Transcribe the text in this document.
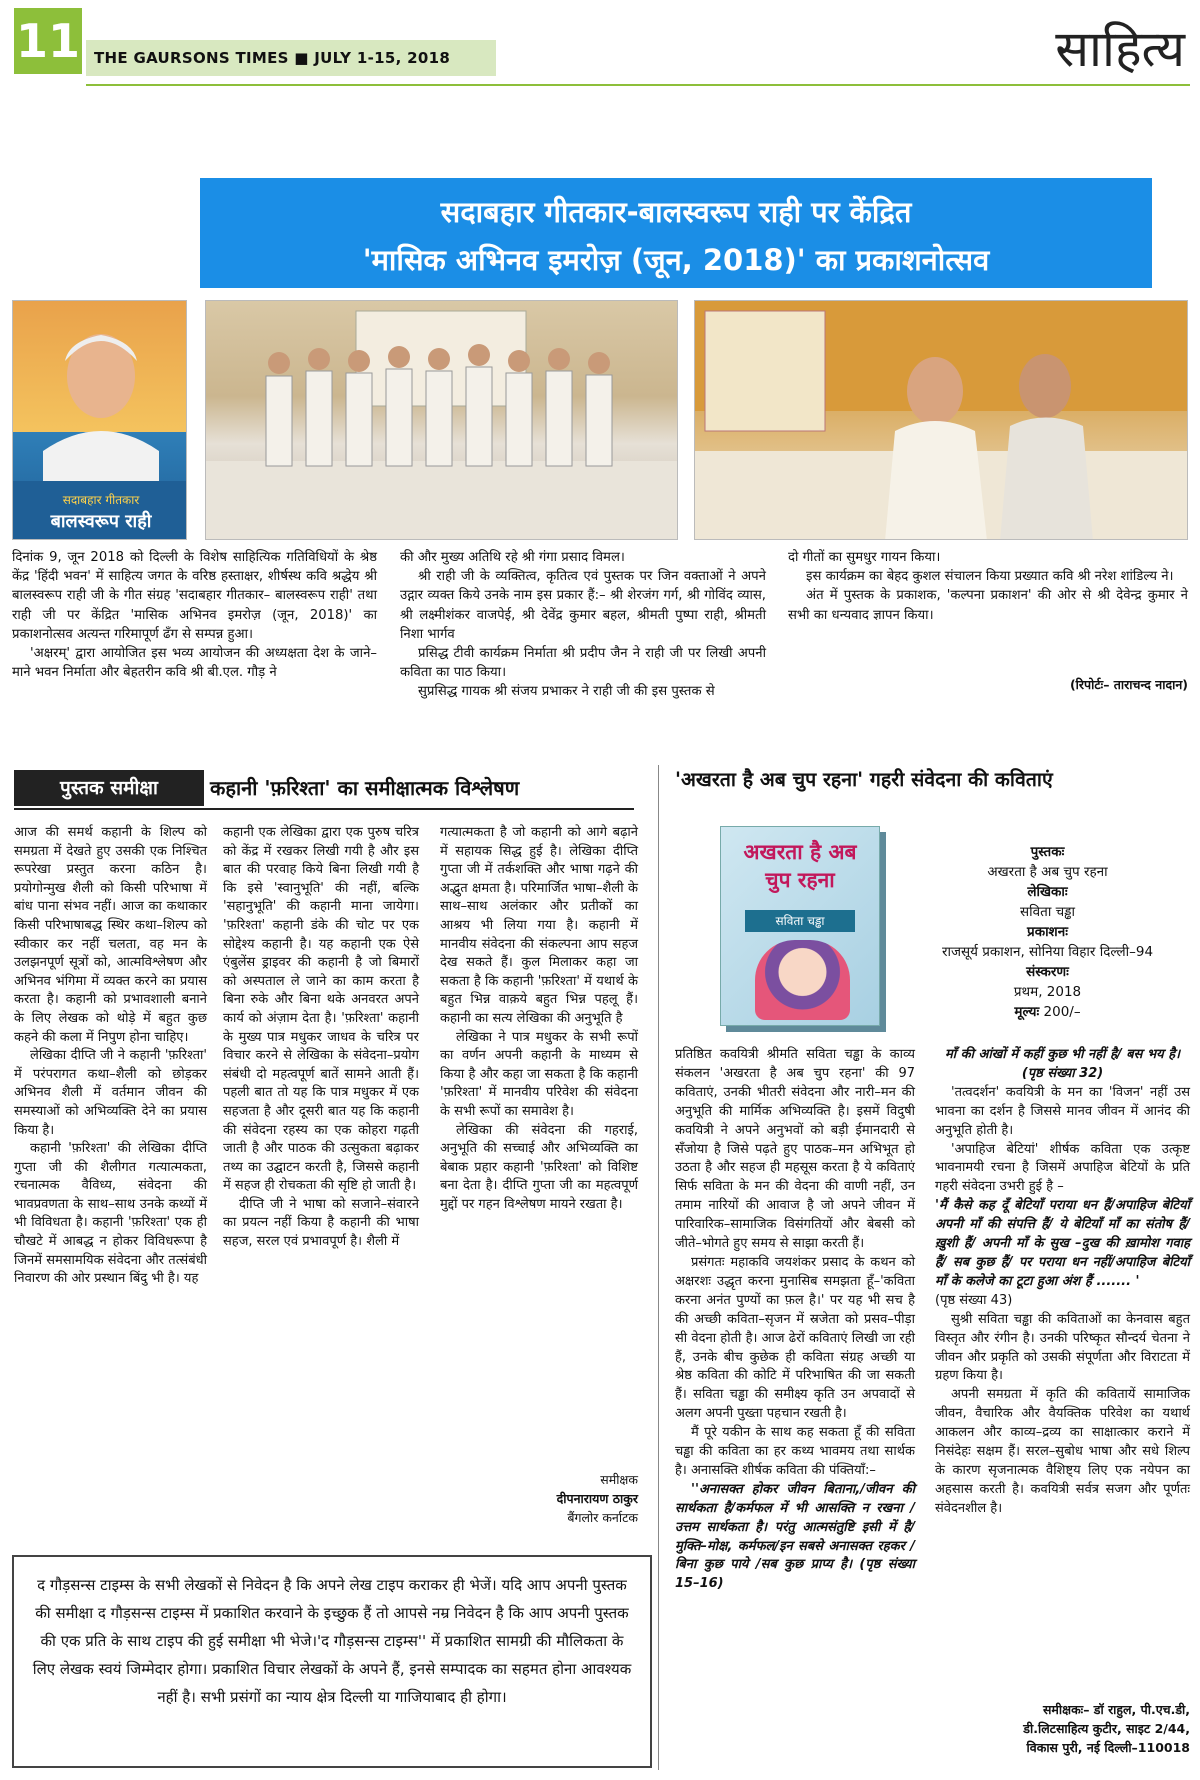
11 THE GAURSONS TIMES ■ JULY 1-15, 2018	साहित्य
सदाबहार गीतकार-बालस्वरूप राही पर केंद्रित
'मासिक अभिनव इमरोज़ (जून, 2018)' का प्रकाशनोत्सव
सदाबहार गीतकार
बालस्वरूप राही

दिनांक 9, जून 2018 को दिल्ली के विशेष साहित्यिक गतिविधियों के श्रेष्ठ केंद्र 'हिंदी भवन' में साहित्य जगत के वरिष्ठ हस्ताक्षर, शीर्षस्थ कवि श्रद्धेय श्री बालस्वरूप राही जी के गीत संग्रह 'सदाबहार गीतकार– बालस्वरूप राही' तथा राही जी पर केंद्रित 'मासिक अभिनव इमरोज़ (जून, 2018)' का प्रकाशनोत्सव अत्यन्त गरिमापूर्ण ढँग से सम्पन्न हुआ।

'अक्षरम्' द्वारा आयोजित इस भव्य आयोजन की अध्यक्षता देश के जाने–माने भवन निर्माता और बेहतरीन कवि श्री बी.एल. गौड़ ने

की और मुख्य अतिथि रहे श्री गंगा प्रसाद विमल।

श्री राही जी के व्यक्तित्व, कृतित्व एवं पुस्तक पर जिन वक्ताओं ने अपने उद्गार व्यक्त किये उनके नाम इस प्रकार हैं:– श्री शेरजंग गर्ग, श्री गोविंद व्यास, श्री लक्ष्मीशंकर वाजपेई, श्री देवेंद्र कुमार बहल, श्रीमती पुष्पा राही, श्रीमती निशा भार्गव

प्रसिद्ध टीवी कार्यक्रम निर्माता श्री प्रदीप जैन ने राही जी पर लिखी अपनी कविता का पाठ किया।

सुप्रसिद्ध गायक श्री संजय प्रभाकर ने राही जी की इस पुस्तक से

दो गीतों का सुमधुर गायन किया।

इस कार्यक्रम का बेहद कुशल संचालन किया प्रख्यात कवि श्री नरेश शांडिल्य ने।

अंत में पुस्तक के प्रकाशक, 'कल्पना प्रकाशन' की ओर से श्री देवेन्द्र कुमार ने सभी का धन्यवाद ज्ञापन किया।

(रिपोर्टः– ताराचन्द नादान)
पुस्तक समीक्षा	कहानी 'फ़रिश्ता' का समीक्षात्मक विश्लेषण	'अखरता है अब चुप रहना' गहरी संवेदना की कविताएं

आज की समर्थ कहानी के शिल्प को समग्रता में देखते हुए उसकी एक निश्चित रूपरेखा प्रस्तुत करना कठिन है। प्रयोगोन्मुख शैली को किसी परिभाषा में बांध पाना संभव नहीं। आज का कथाकार किसी परिभाषाबद्ध स्थिर कथा–शिल्प को स्वीकार कर नहीं चलता, वह मन के उलझनपूर्ण सूत्रों को, आत्मविश्लेषण और अभिनव भंगिमा में व्यक्त करने का प्रयास करता है। कहानी को प्रभावशाली बनाने के लिए लेखक को थोड़े में बहुत कुछ कहने की कला में निपुण होना चाहिए।

लेखिका दीप्ति जी ने कहानी 'फ़रिश्ता' में परंपरागत कथा–शैली को छोड़कर अभिनव शैली में वर्तमान जीवन की समस्याओं को अभिव्यक्ति देने का प्रयास किया है।

कहानी 'फ़रिश्ता' की लेखिका दीप्ति गुप्ता जी की शैलीगत गत्यात्मकता, रचनात्मक वैविध्य, संवेदना की भावप्रवणता के साथ–साथ उनके कथ्यों में भी विविधता है। कहानी 'फ़रिश्ता' एक ही चौखटे में आबद्ध न होकर विविधरूपा है जिनमें समसामयिक संवेदना और तत्संबंधी निवारण की ओर प्रस्थान बिंदु भी है। यह

कहानी एक लेखिका द्वारा एक पुरुष चरित्र को केंद्र में रखकर लिखी गयी है और इस बात की परवाह किये बिना लिखी गयी है कि इसे 'स्वानुभूति' की नहीं, बल्कि 'सहानुभूति' की कहानी माना जायेगा। 'फ़रिश्ता' कहानी डंके की चोट पर एक सोद्देश्य कहानी है। यह कहानी एक ऐसे एंबुलेंस ड्राइवर की कहानी है जो बिमारों को अस्पताल ले जाने का काम करता है बिना रुके और बिना थके अनवरत अपने कार्य को अंज़ाम देता है। 'फ़रिश्ता' कहानी के मुख्य पात्र मधुकर जाधव के चरित्र पर विचार करने से लेखिका के संवेदना–प्रयोग संबंधी दो महत्वपूर्ण बातें सामने आती हैं। पहली बात तो यह कि पात्र मधुकर में एक सहजता है और दूसरी बात यह कि कहानी की संवेदना रहस्य का एक कोहरा गढ़ती जाती है और पाठक की उत्सुकता बढ़ाकर तथ्य का उद्घाटन करती है, जिससे कहानी में सहज ही रोचकता की सृष्टि हो जाती है।

दीप्ति जी ने भाषा को सजाने–संवारने का प्रयत्न नहीं किया है कहानी की भाषा सहज, सरल एवं प्रभावपूर्ण है। शैली में

गत्यात्मकता है जो कहानी को आगे बढ़ाने में सहायक सिद्ध हुई है। लेखिका दीप्ति गुप्ता जी में तर्कशक्ति और भाषा गढ़ने की अद्भुत क्षमता है। परिमार्जित भाषा–शैली के साथ–साथ अलंकार और प्रतीकों का आश्रय भी लिया गया है। कहानी में मानवीय संवेदना की संकल्पना आप सहज देख सकते हैं। कुल मिलाकर कहा जा सकता है कि कहानी 'फ़रिश्ता' में यथार्थ के बहुत भिन्न वाक़ये बहुत भिन्न पहलू हैं। कहानी का सत्य लेखिका की अनुभूति है

लेखिका ने पात्र मधुकर के सभी रूपों का वर्णन अपनी कहानी के माध्यम से किया है और कहा जा सकता है कि कहानी 'फ़रिश्ता' में मानवीय परिवेश की संवेदना के सभी रूपों का समावेश है।

लेखिका की संवेदना की गहराई, अनुभूति की सच्चाई और अभिव्यक्ति का बेबाक प्रहार कहानी 'फ़रिश्ता' को विशिष्ट बना देता है। दीप्ति गुप्ता जी का महत्वपूर्ण मुद्दों पर गहन विश्लेषण मायने रखता है।

समीक्षक
दीपनारायण ठाकुर
बैंगलोर कर्नाटक
द गौड़सन्स टाइम्स के सभी लेखकों से निवेदन है कि अपने लेख टाइप कराकर ही भेजें। यदि आप अपनी पुस्तक की समीक्षा द गौड़सन्स टाइम्स में प्रकाशित करवाने के इच्छुक हैं तो आपसे नम्र निवेदन है कि आप अपनी पुस्तक की एक प्रति के साथ टाइप की हुई समीक्षा भी भेजे।'द गौड़सन्स टाइम्स'' में प्रकाशित सामग्री की मौलिकता के लिए लेखक स्वयं जिम्मेदार होगा। प्रकाशित विचार लेखकों के अपने हैं, इनसे सम्पादक का सहमत होना आवश्यक नहीं है। सभी प्रसंगों का न्याय क्षेत्र दिल्ली या गाजियाबाद ही होगा।
अखरता है अब चुप रहना
सविता चड्ढा
पुस्तकः
अखरता है अब चुप रहना
लेखिकाः
सविता चड्ढा
प्रकाशनः
राजसूर्य प्रकाशन, सोनिया विहार दिल्ली–94
संस्करणः
प्रथम, 2018
मूल्यः 200/–

प्रतिष्ठित कवयित्री श्रीमति सविता चड्ढा के काव्य संकलन 'अखरता है अब चुप रहना' की 97 कविताएं, उनकी भीतरी संवेदना और नारी–मन की अनुभूति की मार्मिक अभिव्यक्ति है। इसमें विदुषी कवयित्री ने अपने अनुभवों को बड़ी ईमानदारी से सँजोया है जिसे पढ़ते हुए पाठक–मन अभिभूत हो उठता है और सहज ही महसूस करता है ये कविताएं सिर्फ सविता के मन की वेदना की वाणी नहीं, उन तमाम नारियों की आवाज है जो अपने जीवन में पारिवारिक–सामाजिक विसंगतियों और बेबसी को जीते–भोगते हुए समय से साझा करती हैं।

प्रसंगतः महाकवि जयशंकर प्रसाद के कथन को अक्षरशः उद्धृत करना मुनासिब समझता हूँ–'कविता करना अनंत पुण्यों का फ़ल है।' पर यह भी सच है की अच्छी कविता–सृजन में स्रजेता को प्रसव–पीड़ा सी वेदना होती है। आज ढेरों कविताएं लिखी जा रही हैं, उनके बीच कुछेक ही कविता संग्रह अच्छी या श्रेष्ठ कविता की कोटि में परिभाषित की जा सकती हैं। सविता चड्ढा की समीक्ष्य कृति उन अपवादों से अलग अपनी पुख्ता पहचान रखती है।

मैं पूरे यकीन के साथ कह सकता हूँ की सविता चड्ढा की कविता का हर कथ्य भावमय तथा सार्थक है। अनासक्ति शीर्षक कविता की पंक्तियाँ:–

''अनासक्त होकर जीवन बिताना,/जीवन की सार्थकता है/कर्मफल में भी आसक्ति न रखना / उत्तम सार्थकता है। परंतु आत्मसंतुष्टि इसी में है/मुक्ति–मोक्ष, कर्मफल/इन सबसे अनासक्त रहकर /बिना कुछ पाये /सब कुछ प्राप्य है। (पृष्ठ संख्या 15–16)

माँ की आंखों में कहीं कुछ भी नहीं है/ बस भय है। (पृष्ठ संख्या 32)

'तत्वदर्शन' कवयित्री के मन का 'विजन' नहीं उस भावना का दर्शन है जिससे मानव जीवन में आनंद की अनुभूति होती है।

'अपाहिज बेटियां' शीर्षक कविता एक उत्कृष्ट भावनामयी रचना है जिसमें अपाहिज बेटियों के प्रति गहरी संवेदना उभरी हुई है –

'मैं कैसे कह दूँ बेटियाँ पराया धन हैं/अपाहिज बेटियाँ अपनी माँ की संपत्ति हैं/ ये बेटियाँ माँ का संतोष हैं/ख़ुशी हैं/ अपनी माँ के सुख –दुख की ख़ामोश गवाह हैं/ सब कुछ हैं/ पर पराया धन नहीं/अपाहिज बेटियाँ माँ के कलेजे का टूटा हुआ अंश हैं ....... '

(पृष्ठ संख्या 43)

सुश्री सविता चड्ढा की कविताओं का केनवास बहुत विस्तृत और रंगीन है। उनकी परिष्कृत सौन्दर्य चेतना ने जीवन और प्रकृति को उसकी संपूर्णता और विराटता में ग्रहण किया है।

अपनी समग्रता में कृति की कवितायें सामाजिक जीवन, वैचारिक और वैयक्तिक परिवेश का यथार्थ आकलन और काव्य–द्रव्य का साक्षात्कार कराने में निसंदेहः सक्षम हैं। सरल–सुबोध भाषा और सधे शिल्प के कारण सृजनात्मक वैशिष्ट्य लिए एक नयेपन का अहसास करती है। कवयित्री सर्वत्र सजग और पूर्णतः संवेदनशील है।

समीक्षकः– डॉ राहुल, पी.एच.डी,
डी.लिटसाहित्य कुटीर, साइट 2/44,
विकास पुरी, नई दिल्ली–110018
